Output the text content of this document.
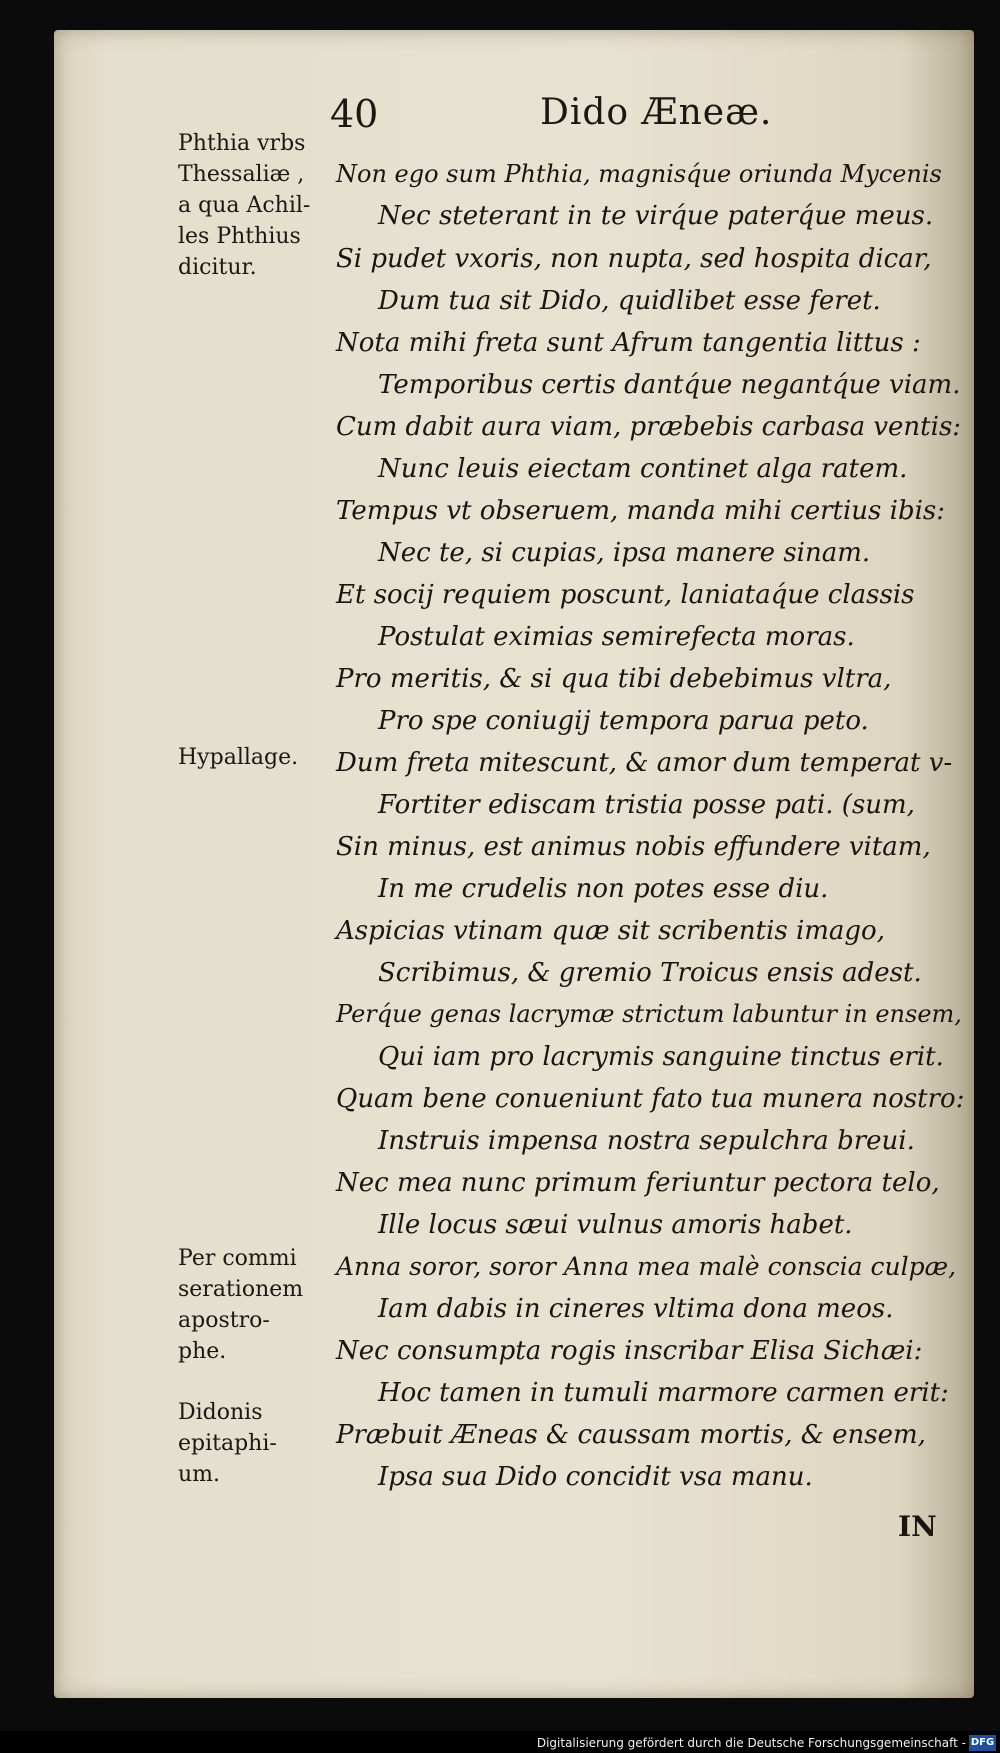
40	Dido Æneæ.
Phthia vrbs
Thessaliæ ,
a qua Achil-
les Phthius
dicitur.
Hypallage.
Per commi
serationem
apostro-
phe.
Didonis
epitaphi-
um.
Non ego sum Phthia, magnisq́ue oriunda Mycenis
Nec steterant in te virq́ue paterq́ue meus.
Si pudet vxoris, non nupta, sed hospita dicar,
Dum tua sit Dido, quidlibet esse feret.
Nota mihi freta sunt Afrum tangentia littus :
Temporibus certis dantq́ue negantq́ue viam.
Cum dabit aura viam, præbebis carbasa ventis:
Nunc leuis eiectam continet alga ratem.
Tempus vt obseruem, manda mihi certius ibis:
Nec te, si cupias, ipsa manere sinam.
Et socij requiem poscunt, laniataq́ue classis
Postulat eximias semirefecta moras.
Pro meritis, & si qua tibi debebimus vltra,
Pro spe coniugij tempora parua peto.
Dum freta mitescunt, & amor dum temperat v-
Fortiter ediscam tristia posse pati. (sum,
Sin minus, est animus nobis effundere vitam,
In me crudelis non potes esse diu.
Aspicias vtinam quæ sit scribentis imago,
Scribimus, & gremio Troicus ensis adest.
Perq́ue genas lacrymæ strictum labuntur in ensem,
Qui iam pro lacrymis sanguine tinctus erit.
Quam bene conueniunt fato tua munera nostro:
Instruis impensa nostra sepulchra breui.
Nec mea nunc primum feriuntur pectora telo,
Ille locus sæui vulnus amoris habet.
Anna soror, soror Anna mea malè conscia culpæ,
Iam dabis in cineres vltima dona meos.
Nec consumpta rogis inscribar Elisa Sichæi:
Hoc tamen in tumuli marmore carmen erit:
Præbuit Æneas & caussam mortis, & ensem,
Ipsa sua Dido concidit vsa manu.
IN
Digitalisierung gefördert durch die Deutsche Forschungsgemeinschaft - DFG
